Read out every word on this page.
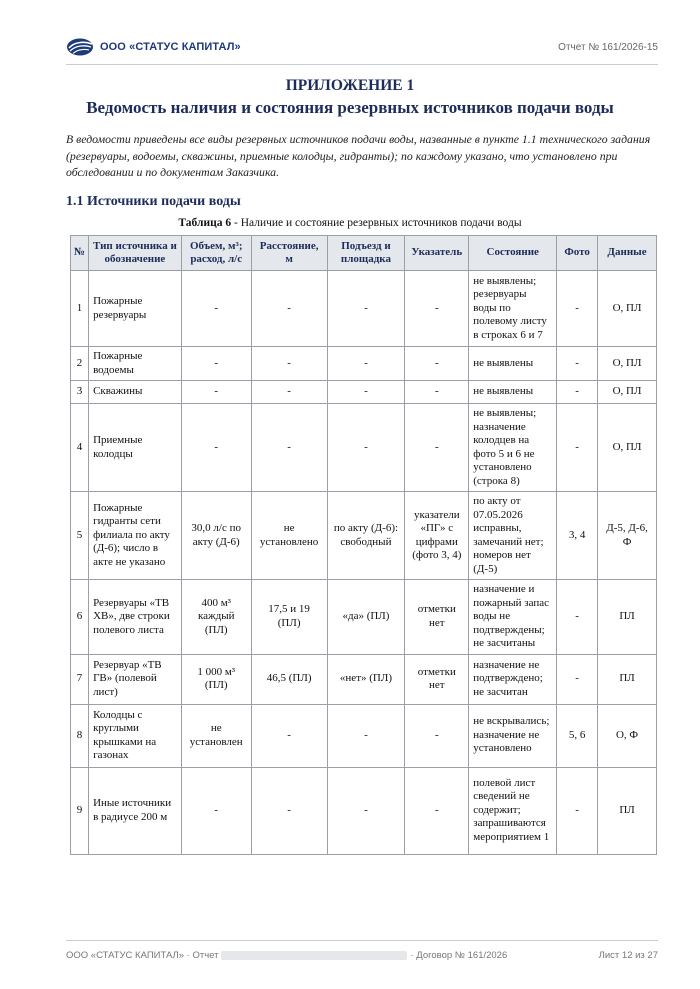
ООО «СТАТУС КАПИТАЛ»	Отчет № 161/2026-15
ПРИЛОЖЕНИЕ 1
Ведомость наличия и состояния резервных источников подачи воды

В ведомости приведены все виды резервных источников подачи воды, названные в пункте 1.1 технического задания (резервуары, водоемы, скважины, приемные колодцы, гидранты); по каждому указано, что установлено при обследовании и по документам Заказчика.

1.1 Источники подачи воды
Таблица 6 - Наличие и состояние резервных источников подачи воды
№	Тип источника и обозначение	Объем, м³; расход, л/с	Расстояние, м	Подъезд и площадка	Указатель	Состояние	Фото	Данные
1	Пожарные резервуары	-	-	-	-	не выявлены; резервуары воды по полевому листу в строках 6 и 7	-	О, ПЛ
2	Пожарные водоемы	-	-	-	-	не выявлены	-	О, ПЛ
3	Скважины	-	-	-	-	не выявлены	-	О, ПЛ
4	Приемные колодцы	-	-	-	-	не выявлены; назначение колодцев на фото 5 и 6 не установлено (строка 8)	-	О, ПЛ
5	Пожарные гидранты сети филиала по акту (Д-6); число в акте не указано	30,0 л/с по акту (Д-6)	не установлено	по акту (Д-6): свободный	указатели «ПГ» с цифрами (фото 3, 4)	по акту от 07.05.2026 исправны, замечаний нет; номеров нет (Д-5)	3, 4	Д-5, Д-6, Ф
6	Резервуары «ТВ ХВ», две строки полевого листа	400 м³ каждый (ПЛ)	17,5 и 19 (ПЛ)	«да» (ПЛ)	отметки нет	назначение и пожарный запас воды не подтверждены; не засчитаны	-	ПЛ
7	Резервуар «ТВ ГВ» (полевой лист)	1 000 м³ (ПЛ)	46,5 (ПЛ)	«нет» (ПЛ)	отметки нет	назначение не подтверждено; не засчитан	-	ПЛ
8	Колодцы с круглыми крышками на газонах	не установлен	-	-	-	не вскрывались; назначение не установлено	5, 6	О, Ф
9	Иные источники в радиусе 200 м	-	-	-	-	полевой лист сведений не содержит; запрашиваются мероприятием 1	-	ПЛ
ООО «СТАТУС КАПИТАЛ» · Отчет	· Договор № 161/2026	Лист 12 из 27
